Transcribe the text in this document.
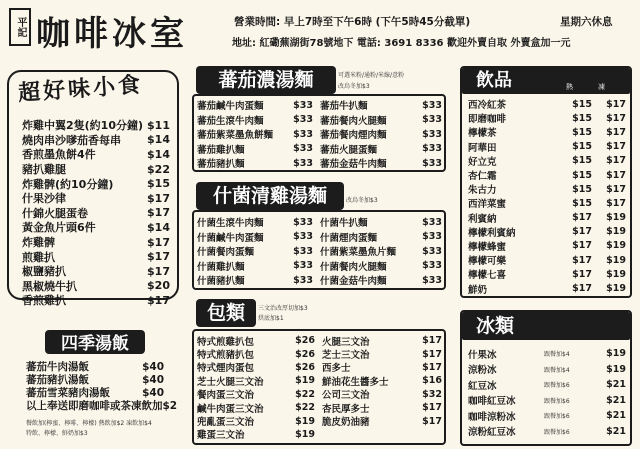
平記 咖啡冰室	營業時間: 早上7時至下午6時 (下午5時45分截單)	星期六休息
地址: 紅磡蕪湖街78號地下 電話: 3691 8336 歡迎外賣自取 外賣盒加一元
超好味小食
炸雞中翼2隻(約10分鐘) $11
燒肉串沙嗲茄香每串 $14
香煎墨魚餅4件	$14
豬扒雞腿	$22
炸雞髀(約10分鐘)	$15
什果沙律	$17
什錦火腿蛋卷	$17
黃金魚片頭6件	$14
炸雞髀	$17
煎雞扒	$17
椒鹽豬扒	$17
黑椒燒牛扒	$20
香煎雞扒	$17
四季湯飯
蕃茄牛肉湯飯	$40
蕃茄豬扒湯飯	$40
蕃茄雪菜豬肉湯飯	$40
以上奉送即磨咖啡或茶 凍飲加$2
餐飲加(檸蜜、檸啡、檸檬) 熱飲加$2 凍飲加$4
特飲、檸檬、鮮奶加$3
蕃茄濃湯麵	可選米粉/通粉/米線/意粉
改烏冬加$3
蕃茄鹹牛肉蛋麵	$33
蕃茄生滾牛肉麵	$33
蕃茄紫菜墨魚餅麵 $33
蕃茄雞扒麵	$33
蕃茄豬扒麵	$33
蕃茄牛扒麵	$33
蕃茄餐肉火腿麵	$33
蕃茄餐肉煙肉麵	$33
蕃茄火腿蛋麵	$33
蕃茄金菇牛肉麵	$33
什菌清雞湯麵	改烏冬加$3
什菌生滾牛肉麵	$33
什菌鹹牛肉蛋麵	$33
什菌餐肉蛋麵	$33
什菌雞扒麵	$33
什菌豬扒麵	$33
什菌牛扒麵	$33
什菌煙肉蛋麵	$33
什菌紫菜墨魚片麵	$33
什菌餐肉火腿麵	$33
什菌金菇牛肉麵	$33
包類	三文治改厚切加$3
烘底加$1
特式煎雞扒包	$26
特式煎豬扒包	$26
特式煙肉蛋包	$26
芝士火腿三文治	$19
餐肉蛋三文治	$22
鹹牛肉蛋三文治	$22
兜亂蛋三文治	$19
雞蛋三文治	$19
火腿三文治	$17
芝士三文治	$17
西多士	$17
鮮油花生醬多士	$16
公司三文治	$32
杏民厚多士	$17
脆皮奶油豬	$17
飲品	熱	凍
西冷紅茶	$15	$17
即磨咖啡	$15	$17
檸檬茶	$15	$17
阿華田	$15	$17
好立克	$15	$17
杏仁霜	$15	$17
朱古力	$15	$17
西洋菜蜜	$15	$17
利賓納	$17	$19
檸檬利賓納	$17	$19
檸檬蜂蜜	$17	$19
檸檬可樂	$17	$19
檸檬七喜	$17	$19
鮮奶	$17	$19
冰類
什果冰	跟餐加$4	$19
涼粉冰	跟餐加$4	$19
紅豆冰	跟餐加$6	$21
咖啡紅豆冰	跟餐加$6	$21
咖啡涼粉冰	跟餐加$6	$21
涼粉紅豆冰	跟餐加$6	$21
